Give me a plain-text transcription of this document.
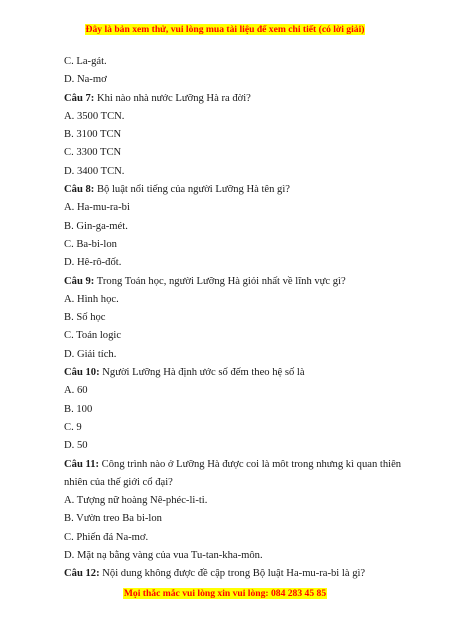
Đây là bản xem thử, vui lòng mua tài liệu để xem chi tiết (có lời giải)
C. La-gát.
D. Na-mơ
Câu 7: Khi nào nhà nước Lưỡng Hà ra đời?
A. 3500 TCN.
B. 3100 TCN
C. 3300 TCN
D. 3400 TCN.
Câu 8: Bộ luật nổi tiếng của người Lưỡng Hà tên gì?
A. Ha-mu-ra-bi
B. Gin-ga-mét.
C. Ba-bi-lon
D. Hê-rô-đốt.
Câu 9: Trong Toán học, người Lưỡng Hà giỏi nhất về lĩnh vực gì?
A. Hình học.
B. Số học
C. Toán logic
D. Giải tích.
Câu 10: Người Lưỡng Hà định ước số đếm theo hệ số là
A. 60
B. 100
C. 9
D. 50
Câu 11: Công trình nào ở Lưỡng Hà được coi là môt trong nhưng kì quan thiên
nhiên của thế giới cổ đại?
A. Tượng nữ hoàng Nê-phéc-li-ti.
B. Vườn treo Ba bi-lon
C. Phiến đá Na-mơ.
D. Mặt nạ bằng vàng của vua Tu-tan-kha-môn.
Câu 12: Nội dung không được đề cập trong Bộ luật Ha-mu-ra-bi là gì?
Mọi thắc mắc vui lòng xin vui lòng: 084 283 45 85
